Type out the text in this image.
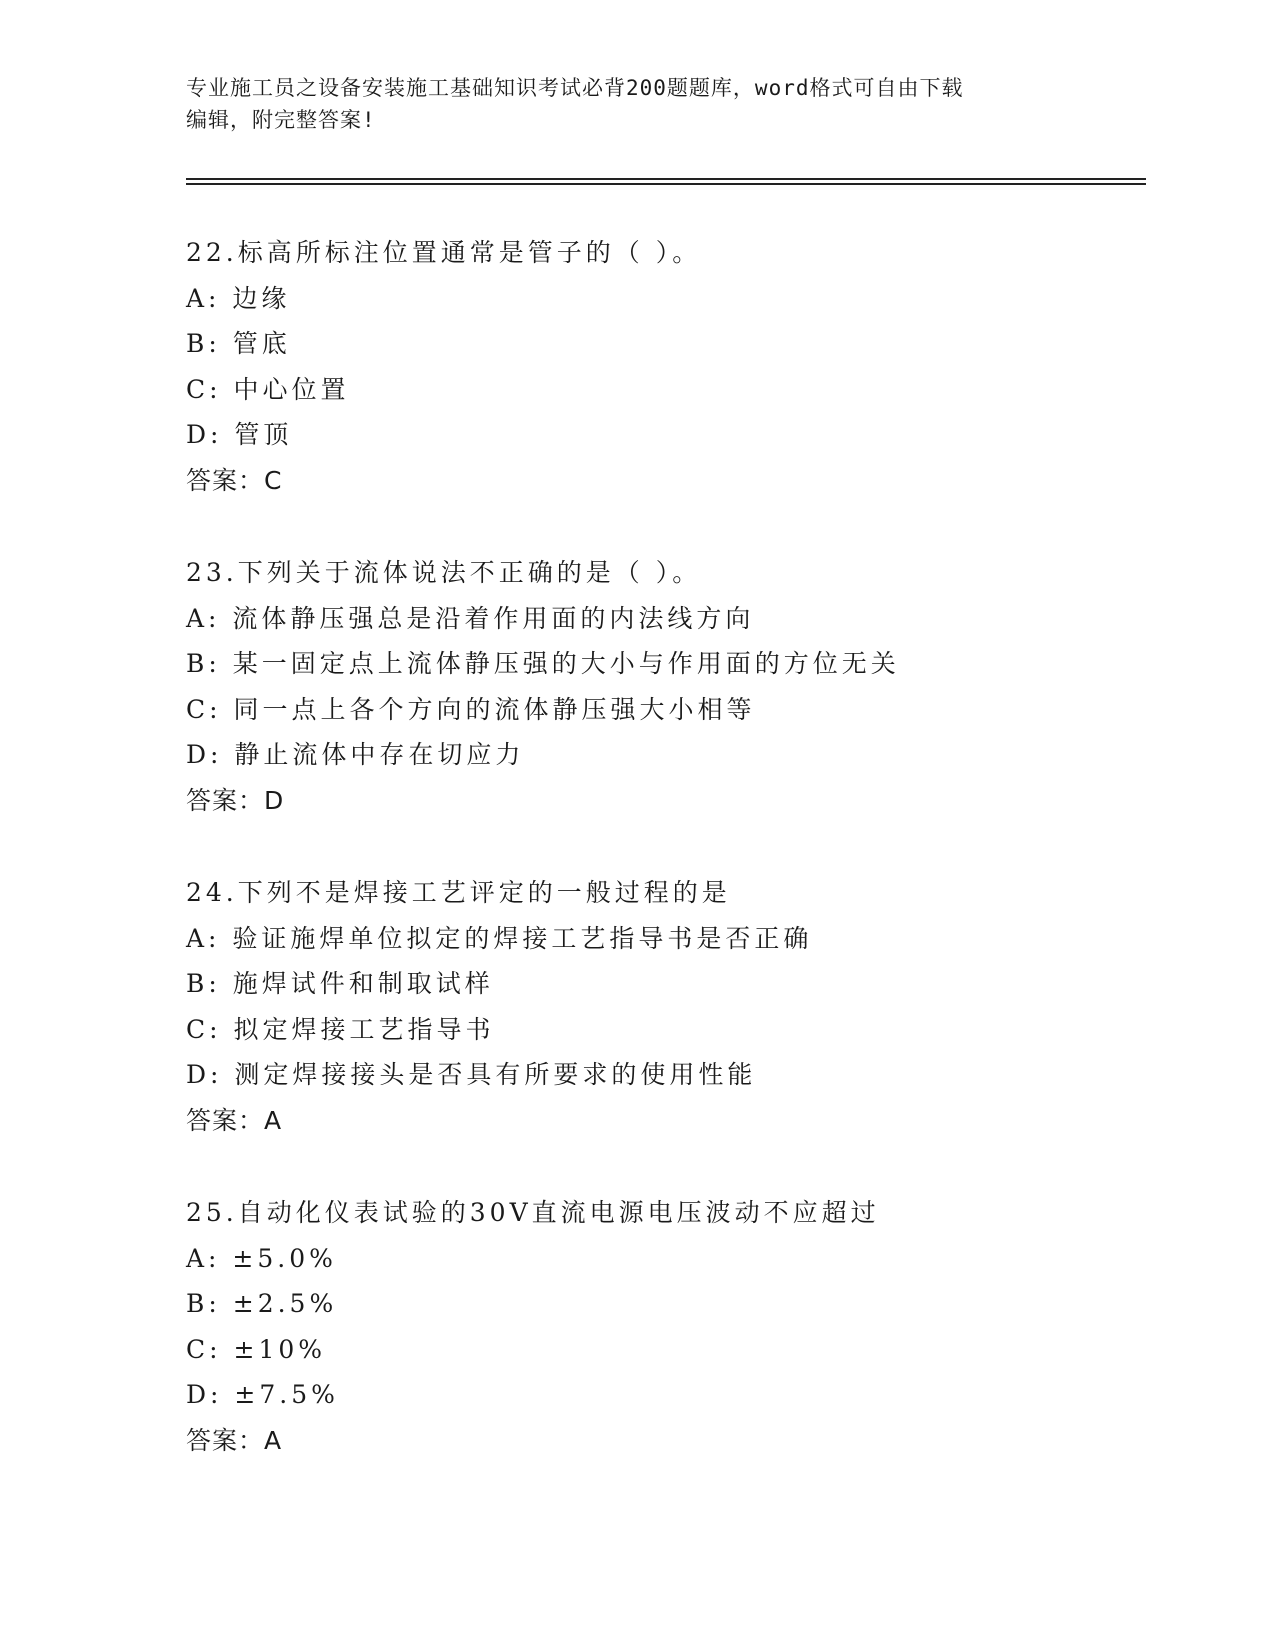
专业施工员之设备安装施工基础知识考试必背200题题库，word格式可自由下载
编辑，附完整答案!
22.标高所标注位置通常是管子的（ ）。
A: 边缘
B: 管底
C: 中心位置
D: 管顶
答案：C
23.下列关于流体说法不正确的是（ ）。
A: 流体静压强总是沿着作用面的内法线方向
B: 某一固定点上流体静压强的大小与作用面的方位无关
C: 同一点上各个方向的流体静压强大小相等
D: 静止流体中存在切应力
答案：D
24.下列不是焊接工艺评定的一般过程的是
A: 验证施焊单位拟定的焊接工艺指导书是否正确
B: 施焊试件和制取试样
C: 拟定焊接工艺指导书
D: 测定焊接接头是否具有所要求的使用性能
答案：A
25.自动化仪表试验的30V直流电源电压波动不应超过
A: ±5.0%
B: ±2.5%
C: ±10%
D: ±7.5%
答案：A
